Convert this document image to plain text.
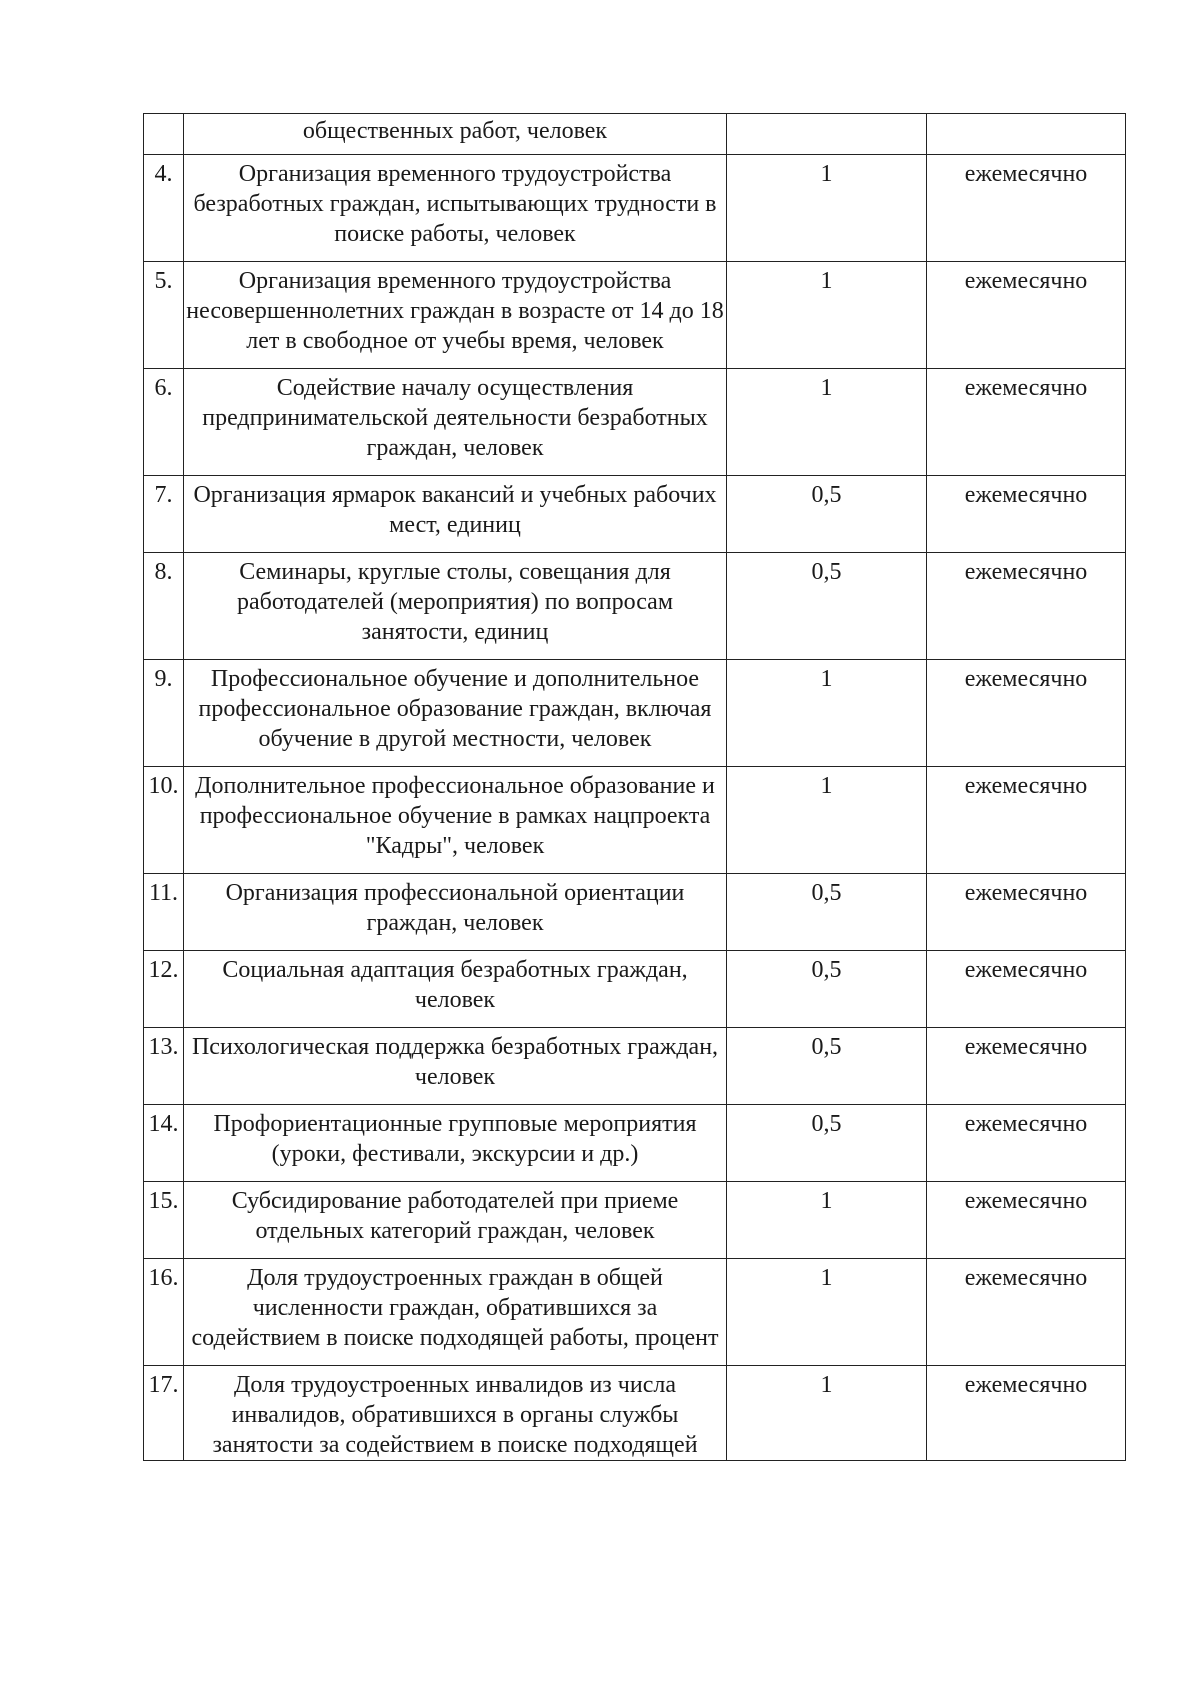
	общественных работ, человек		
4.	Организация временного трудоустройства безработных граждан, испытывающих трудности в поиске работы, человек	1	ежемесячно
5.	Организация временного трудоустройства несовершеннолетних граждан в возрасте от 14 до 18 лет в свободное от учебы время, человек	1	ежемесячно
6.	Содействие началу осуществления предпринимательской деятельности безработных граждан, человек	1	ежемесячно
7.	Организация ярмарок вакансий и учебных рабочих мест, единиц	0,5	ежемесячно
8.	Семинары, круглые столы, совещания для работодателей (мероприятия) по вопросам занятости, единиц	0,5	ежемесячно
9.	Профессиональное обучение и дополнительное профессиональное образование граждан, включая обучение в другой местности, человек	1	ежемесячно
10.	Дополнительное профессиональное образование и профессиональное обучение в рамках нацпроекта "Кадры", человек	1	ежемесячно
11.	Организация профессиональной ориентации граждан, человек	0,5	ежемесячно
12.	Социальная адаптация безработных граждан, человек	0,5	ежемесячно
13.	Психологическая поддержка безработных граждан, человек	0,5	ежемесячно
14.	Профориентационные групповые мероприятия (уроки, фестивали, экскурсии и др.)	0,5	ежемесячно
15.	Субсидирование работодателей при приеме отдельных категорий граждан, человек	1	ежемесячно
16.	Доля трудоустроенных граждан в общей численности граждан, обратившихся за содействием в поиске подходящей работы, процент	1	ежемесячно
17.	Доля трудоустроенных инвалидов из числа инвалидов, обратившихся в органы службы занятости за содействием в поиске подходящей	1	ежемесячно
